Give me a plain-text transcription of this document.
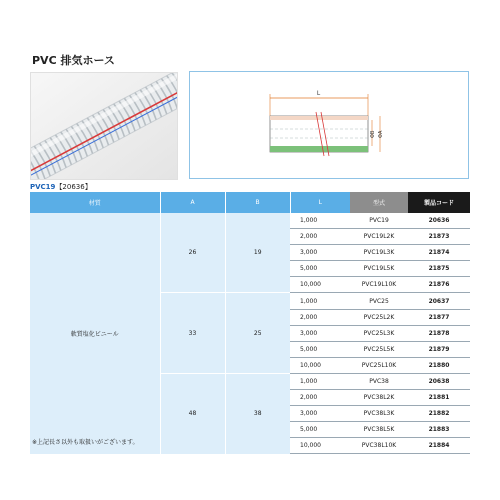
PVC 排気ホース
PVC19【20636】
L
ΦB ΦA
材質	A	B	L	型式	製品コード
軟質塩化ビニール	26	19	1,000	PVC19	20636
			2,000	PVC19L2K	21873
			3,000	PVC19L3K	21874
			5,000	PVC19L5K	21875
			10,000	PVC19L10K	21876
	33	25	1,000	PVC25	20637
			2,000	PVC25L2K	21877
			3,000	PVC25L3K	21878
			5,000	PVC25L5K	21879
			10,000	PVC25L10K	21880
	48	38	1,000	PVC38	20638
			2,000	PVC38L2K	21881
			3,000	PVC38L3K	21882
			5,000	PVC38L5K	21883
			10,000	PVC38L10K	21884
※上記長さ以外も取扱いがございます。
